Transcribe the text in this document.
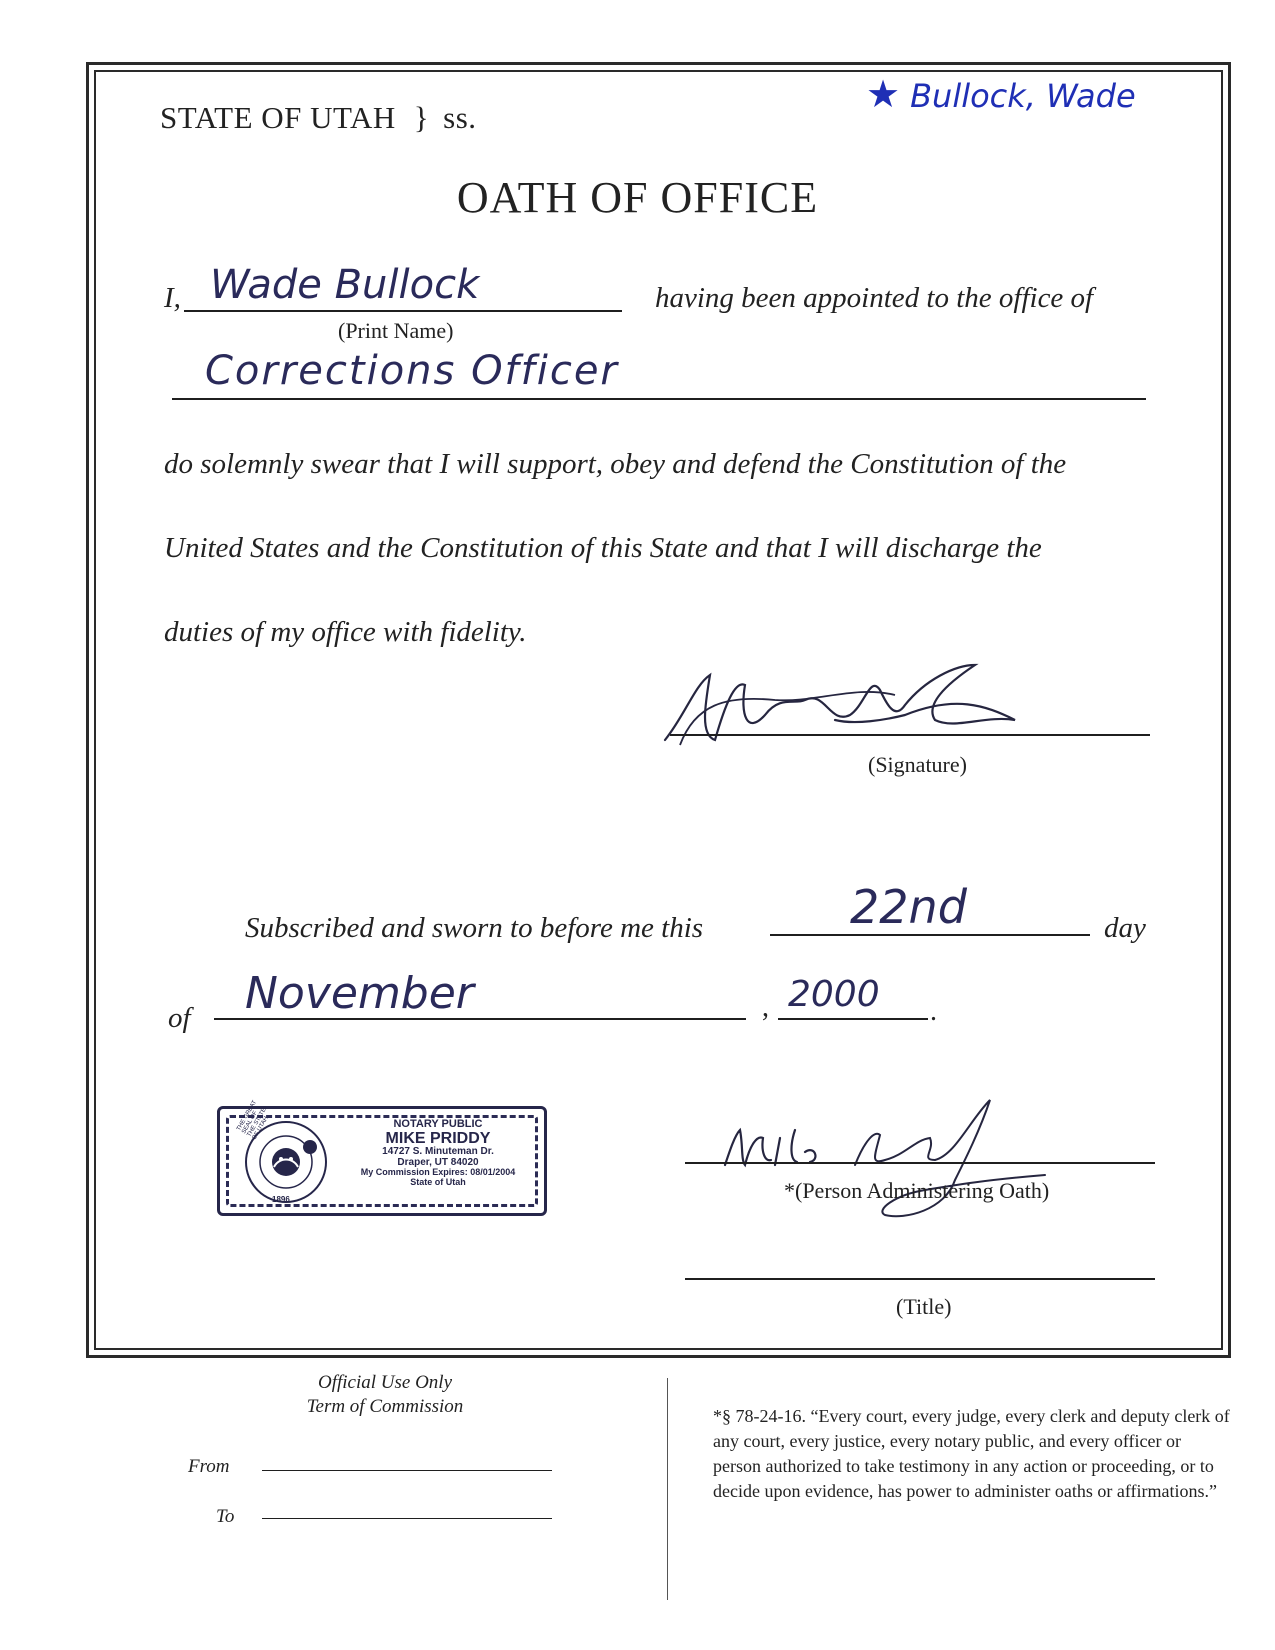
STATE OF UTAH } ss.
★ Bullock, Wade
OATH OF OFFICE
I, Wade Bullock	having been appointed to the office of
(Print Name)
Corrections Officer
do solemnly swear that I will support, obey and defend the Constitution of the
United States and the Constitution of this State and that I will discharge the
duties of my office with fidelity.
(Signature)
Subscribed and sworn to before me this	22nd	day
of November	, 2000 .
THE GREAT SEAL OF THE STATE OF UTAH
1896
NOTARY PUBLIC
MIKE PRIDDY
14727 S. Minuteman Dr.
Draper, UT 84020
My Commission Expires: 08/01/2004
State of Utah	*(Person Administering Oath)
(Title)
Official Use Only
Term of Commission
From
To
*§ 78-24-16. “Every court, every judge, every clerk and deputy clerk of any court, every justice, every notary public, and every officer or person authorized to take testimony in any action or proceeding, or to decide upon evidence, has power to administer oaths or affirmations.”
